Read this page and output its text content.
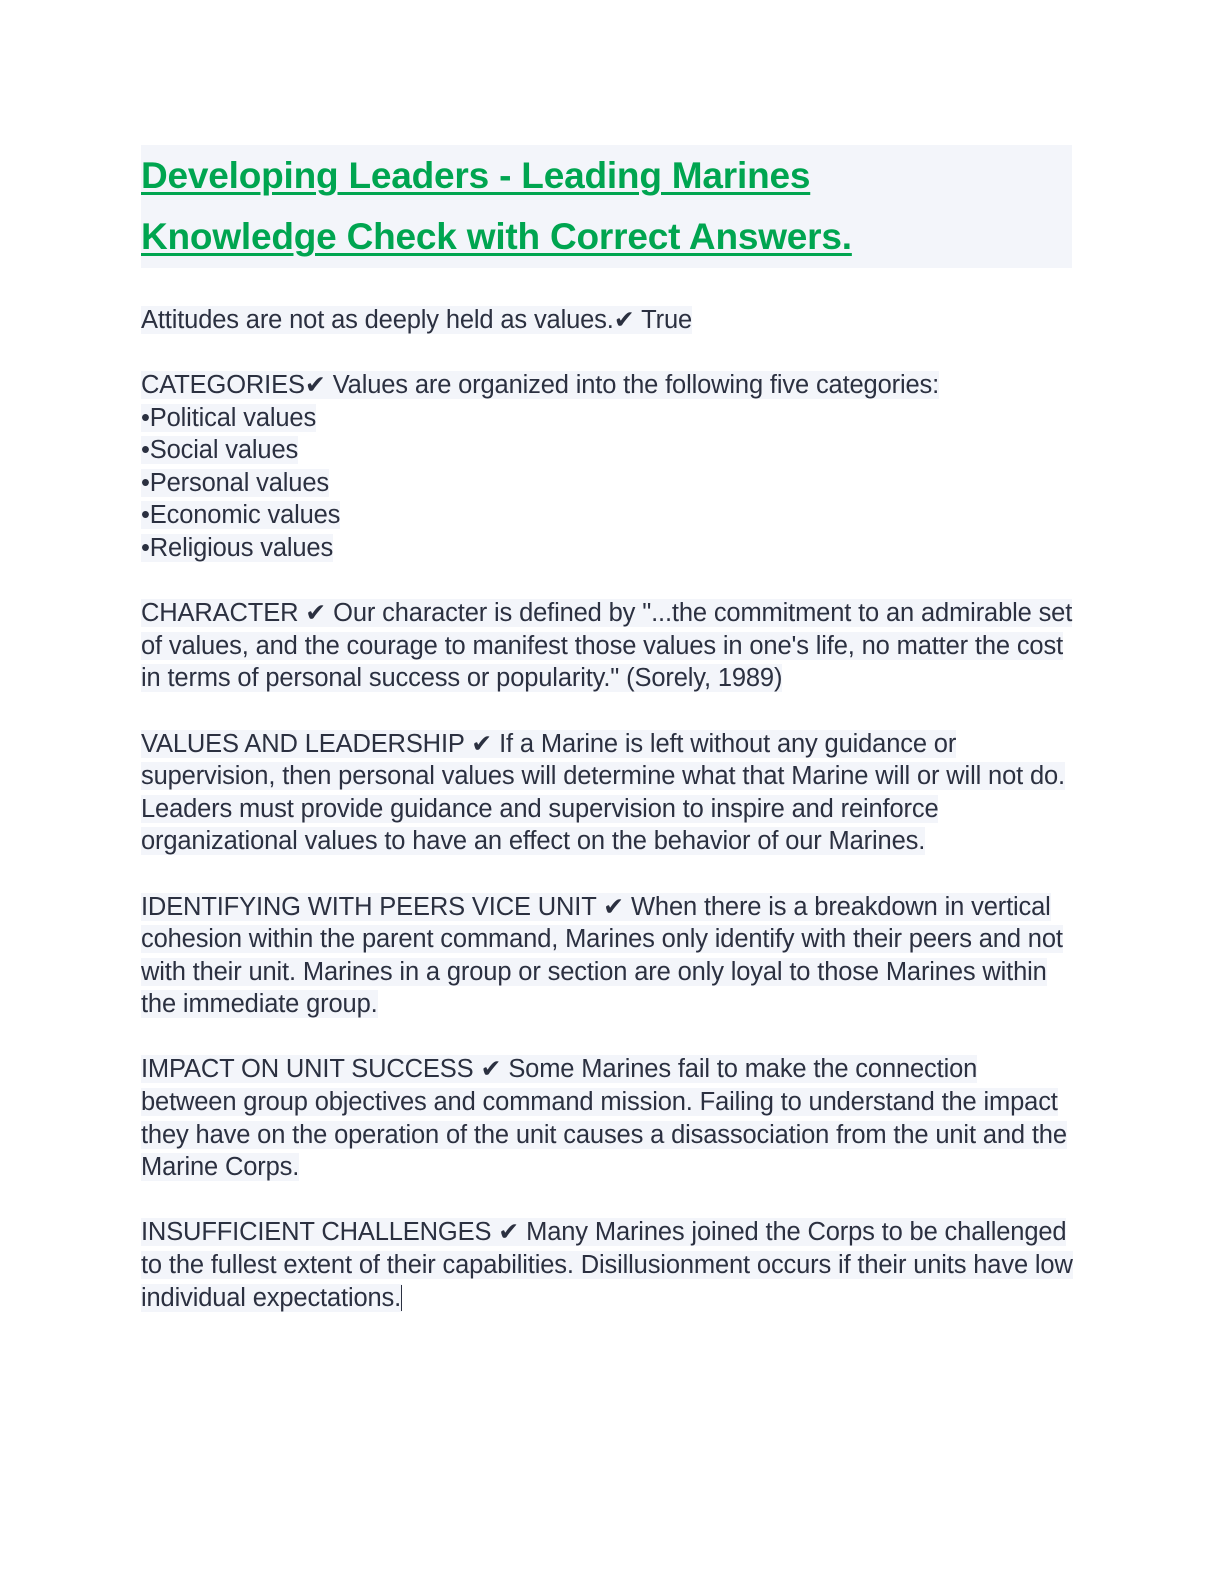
Developing Leaders - Leading Marines
Knowledge Check with Correct Answers.

Attitudes are not as deeply held as values.✔ True

CATEGORIES✔ Values are organized into the following five categories:

•Political values

•Social values

•Personal values

•Economic values

•Religious values

CHARACTER ✔ Our character is defined by "...the commitment to an admirable set of values, and the courage to manifest those values in one's life, no matter the cost in terms of personal success or popularity." (Sorely, 1989)

VALUES AND LEADERSHIP ✔ If a Marine is left without any guidance or supervision, then personal values will determine what that Marine will or will not do.

Leaders must provide guidance and supervision to inspire and reinforce organizational values to have an effect on the behavior of our Marines.

IDENTIFYING WITH PEERS VICE UNIT ✔ When there is a breakdown in vertical cohesion within the parent command, Marines only identify with their peers and not with their unit. Marines in a group or section are only loyal to those Marines within the immediate group.

IMPACT ON UNIT SUCCESS ✔ Some Marines fail to make the connection between group objectives and command mission. Failing to understand the impact they have on the operation of the unit causes a disassociation from the unit and the Marine Corps.

INSUFFICIENT CHALLENGES ✔ Many Marines joined the Corps to be challenged to the fullest extent of their capabilities. Disillusionment occurs if their units have low individual expectations.
